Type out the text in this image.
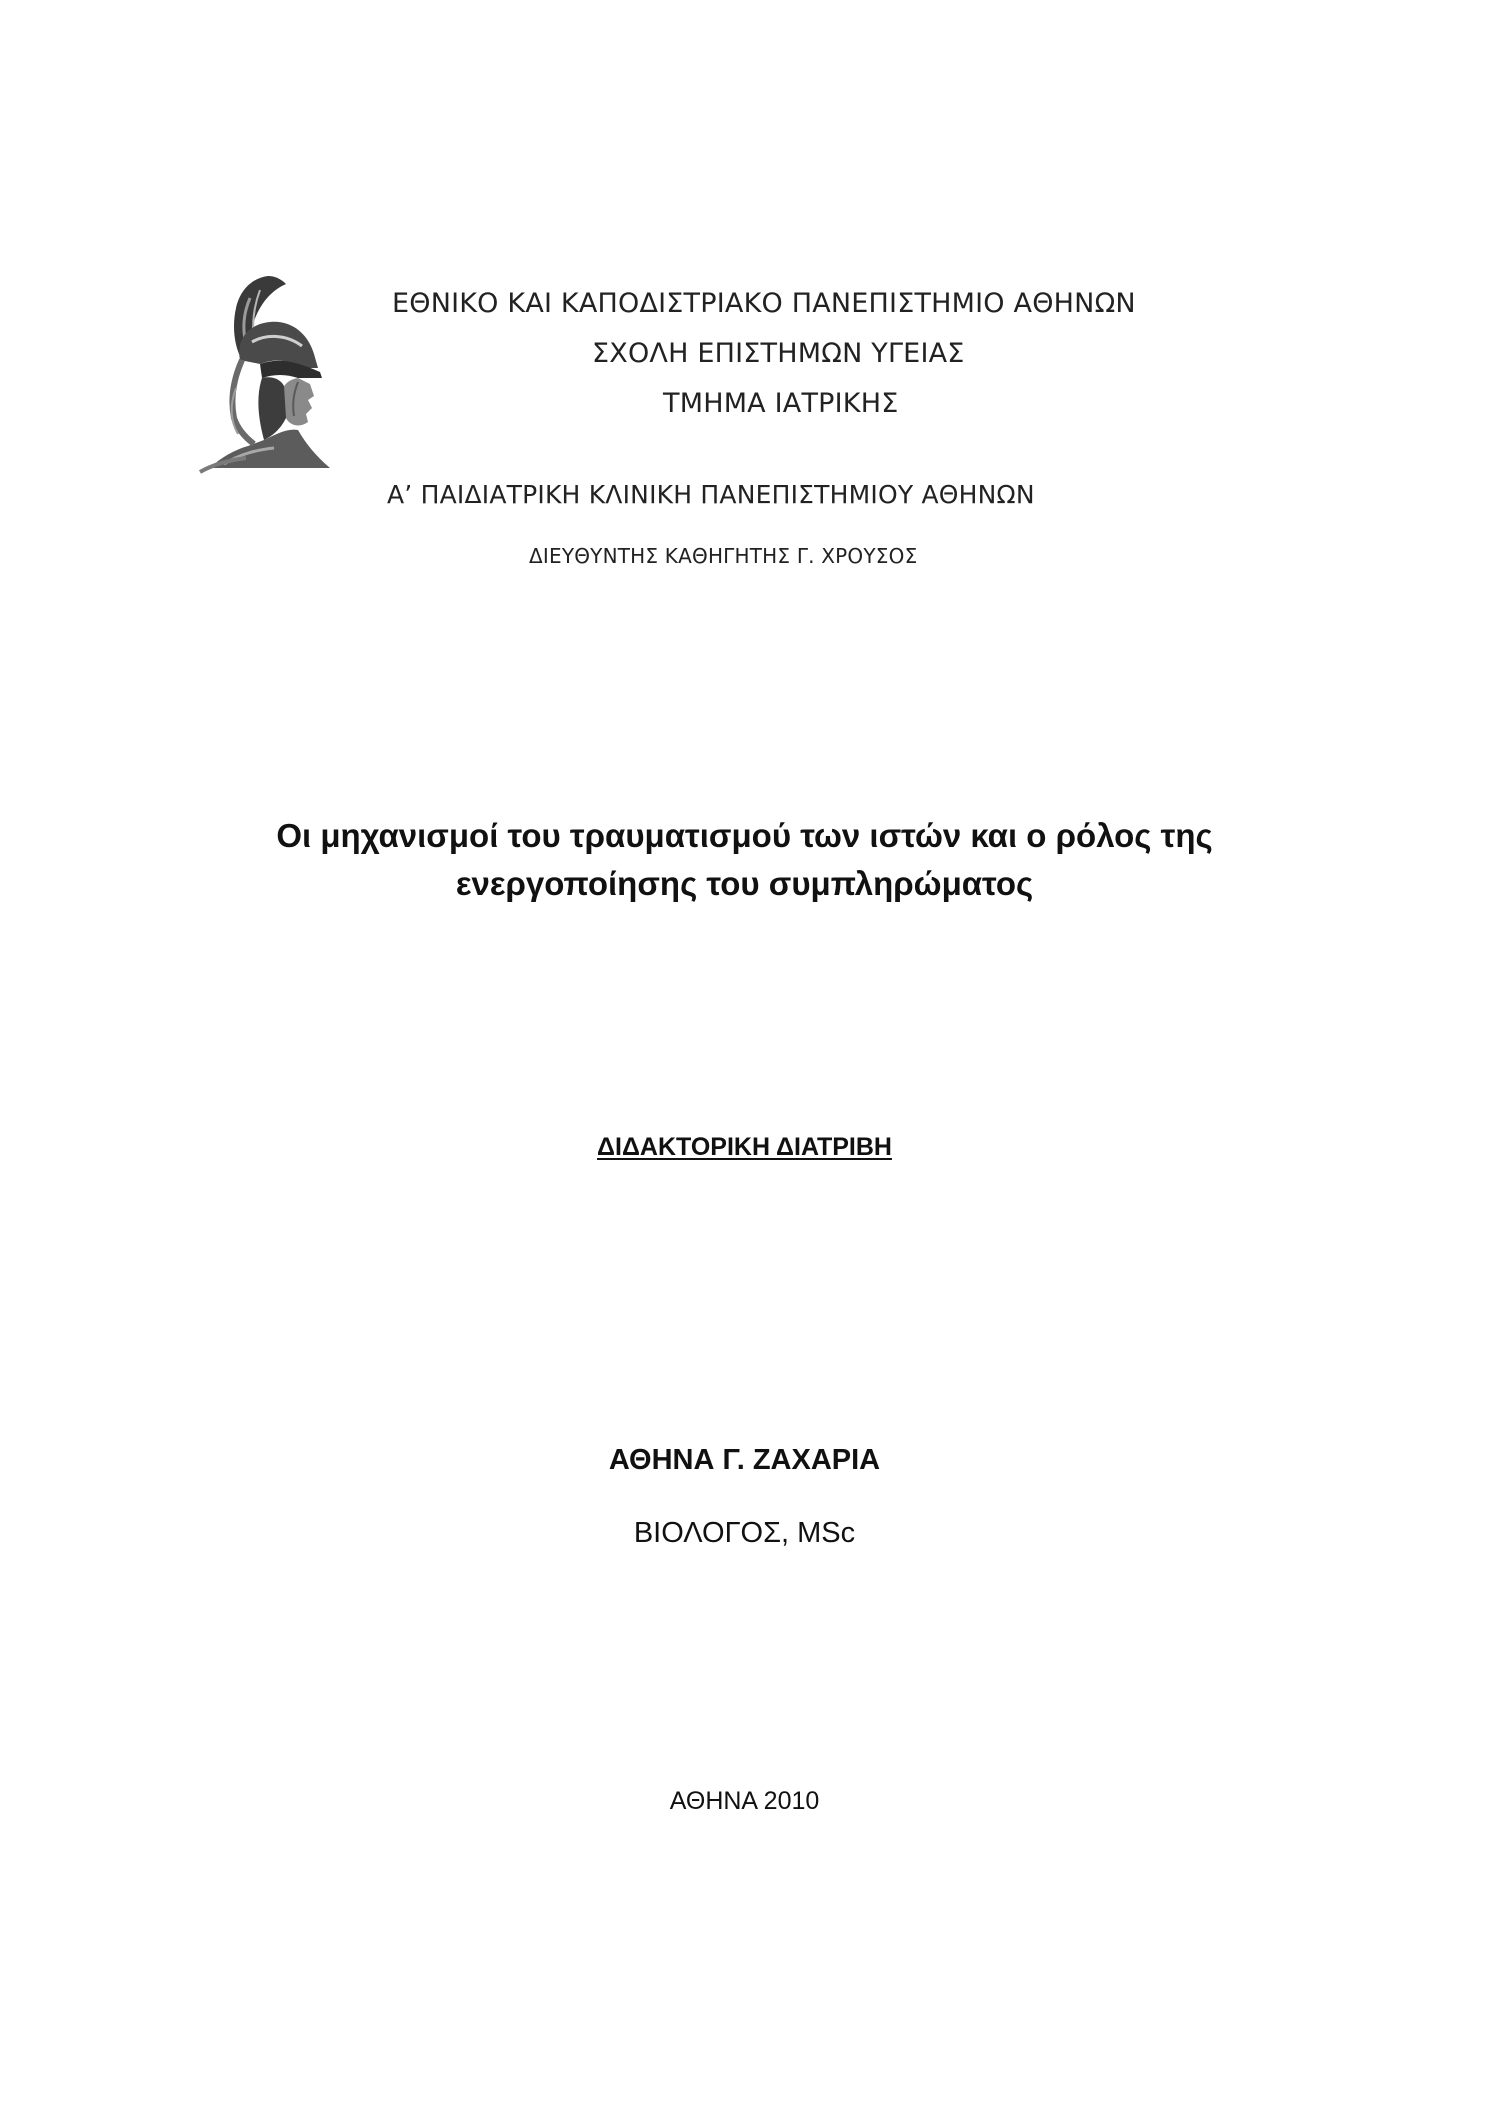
ΕΘΝΙΚΟ ΚΑΙ ΚΑΠΟΔΙΣΤΡΙΑΚΟ ΠΑΝΕΠΙΣΤΗΜΙΟ ΑΘΗΝΩΝ

ΣΧΟΛΗ ΕΠΙΣΤΗΜΩΝ ΥΓΕΙΑΣ

ΤΜΗΜΑ ΙΑΤΡΙΚΗΣ

Α’ ΠΑΙΔΙΑΤΡΙΚΗ ΚΛΙΝΙΚΗ ΠΑΝΕΠΙΣΤΗΜΙΟΥ ΑΘΗΝΩΝ

ΔΙΕΥΘΥΝΤΗΣ ΚΑΘΗΓΗΤΗΣ Γ. ΧΡΟΥΣΟΣ

Οι μηχανισμοί του τραυματισμού των ιστών και ο ρόλος της
ενεργοποίησης του συμπληρώματος

ΔΙΔΑΚΤΟΡΙΚΗ ΔΙΑΤΡΙΒΗ

ΑΘΗΝΑ Γ. ΖΑΧΑΡΙΑ

ΒΙΟΛΟΓΟΣ, MSc

ΑΘΗΝΑ 2010
